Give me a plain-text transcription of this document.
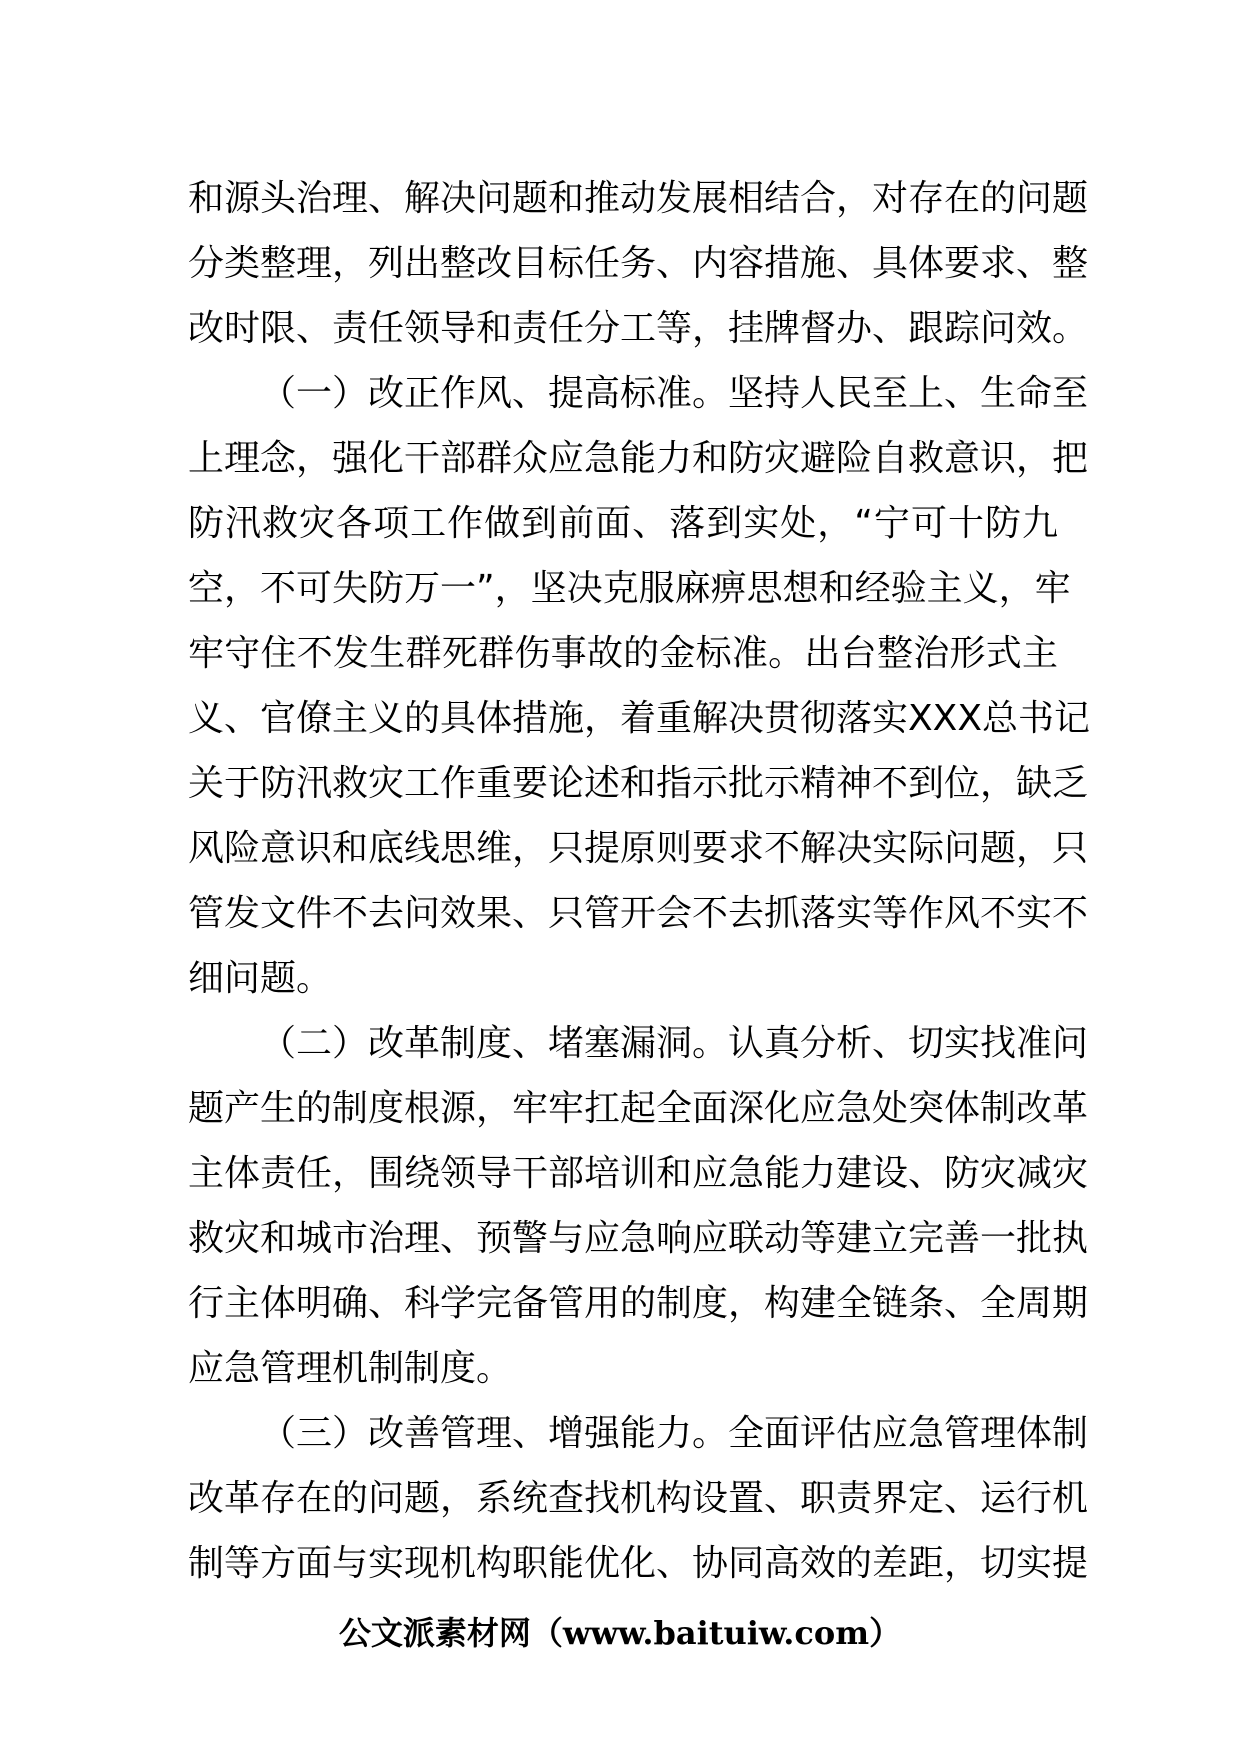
和源头治理、解决问题和推动发展相结合，对存在的问题
分类整理，列出整改目标任务、内容措施、具体要求、整
改时限、责任领导和责任分工等，挂牌督办、跟踪问效。

（一）改正作风、提高标准。坚持人民至上、生命至
上理念，强化干部群众应急能力和防灾避险自救意识，把
防汛救灾各项工作做到前面、落到实处，“宁可十防九
空，不可失防万一”，坚决克服麻痹思想和经验主义，牢
牢守住不发生群死群伤事故的金标准。出台整治形式主
义、官僚主义的具体措施，着重解决贯彻落实XXX总书记
关于防汛救灾工作重要论述和指示批示精神不到位，缺乏
风险意识和底线思维，只提原则要求不解决实际问题，只
管发文件不去问效果、只管开会不去抓落实等作风不实不
细问题。

（二）改革制度、堵塞漏洞。认真分析、切实找准问
题产生的制度根源，牢牢扛起全面深化应急处突体制改革
主体责任，围绕领导干部培训和应急能力建设、防灾减灾
救灾和城市治理、预警与应急响应联动等建立完善一批执
行主体明确、科学完备管用的制度，构建全链条、全周期
应急管理机制制度。

（三）改善管理、增强能力。全面评估应急管理体制
改革存在的问题，系统查找机构设置、职责界定、运行机
制等方面与实现机构职能优化、协同高效的差距，切实提

公文派素材网（www.baituiw.com）
